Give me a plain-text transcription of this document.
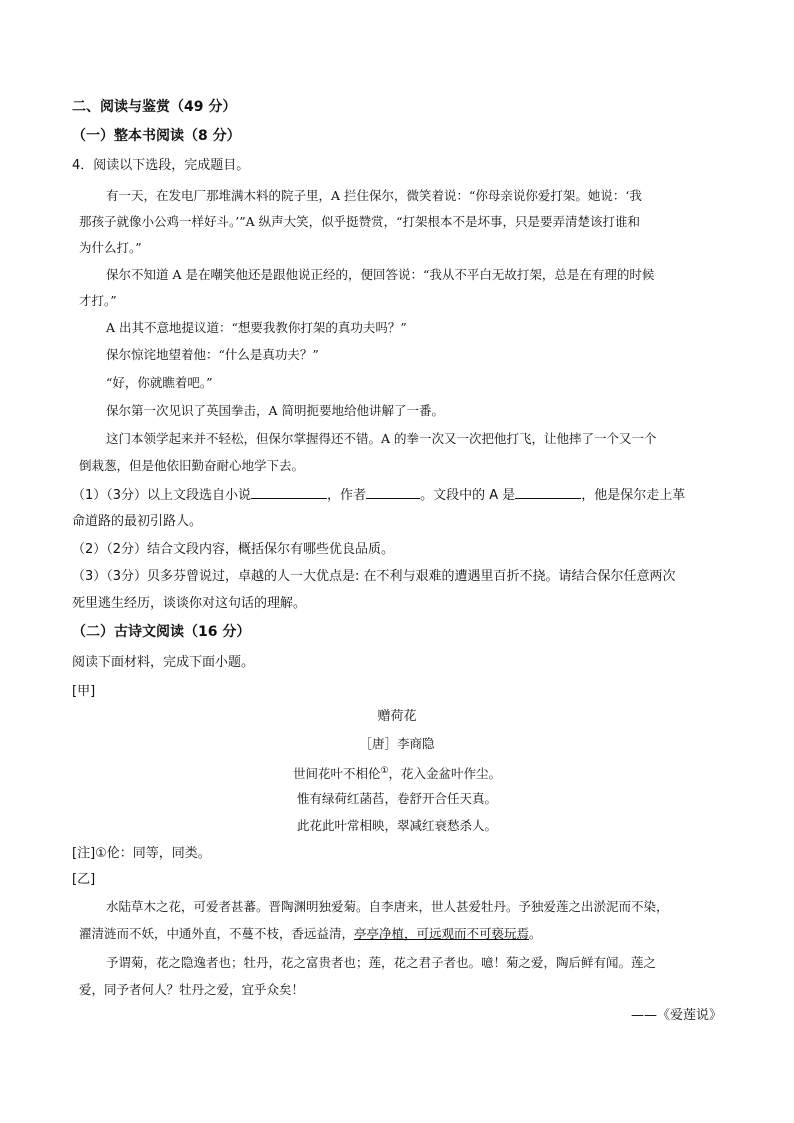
二、阅读与鉴赏（49 分）
（一）整本书阅读（8 分）
4．阅读以下选段，完成题目。
有一天，在发电厂那堆满木料的院子里，A 拦住保尔，微笑着说：“你母亲说你爱打架。她说：‘我
那孩子就像小公鸡一样好斗。’”A 纵声大笑，似乎挺赞赏，“打架根本不是坏事，只是要弄清楚该打谁和
为什么打。”
保尔不知道 A 是在嘲笑他还是跟他说正经的，便回答说：“我从不平白无故打架，总是在有理的时候
才打。”
A 出其不意地提议道：“想要我教你打架的真功夫吗？”
保尔惊诧地望着他：“什么是真功夫？”
“好，你就瞧着吧。”
保尔第一次见识了英国拳击，A 简明扼要地给他讲解了一番。
这门本领学起来并不轻松，但保尔掌握得还不错。A 的拳一次又一次把他打飞，让他摔了一个又一个
倒栽葱，但是他依旧勤奋耐心地学下去。
（1）（3分）以上文段选自小说	，作者	。文段中的 A 是	，他是保尔走上革
命道路的最初引路人。
（2）（2分）结合文段内容，概括保尔有哪些优良品质。
（3）（3分）贝多芬曾说过，卓越的人一大优点是: 在不利与艰难的遭遇里百折不挠。请结合保尔任意两次
死里逃生经历，谈谈你对这句话的理解。
（二）古诗文阅读（16 分）
阅读下面材料，完成下面小题。
[甲]
赠荷花
［唐］李商隐
世间花叶不相伦①，花入金盆叶作尘。
惟有绿荷红菡萏，卷舒开合任天真。
此花此叶常相映，翠减红衰愁杀人。
[注]①伦：同等，同类。
[乙]
水陆草木之花，可爱者甚蕃。晋陶渊明独爱菊。自李唐来，世人甚爱牡丹。予独爱莲之出淤泥而不染，
濯清涟而不妖，中通外直，不蔓不枝，香远益清，亭亭净植，可远观而不可亵玩焉。
予谓菊，花之隐逸者也；牡丹，花之富贵者也；莲，花之君子者也。噫！菊之爱，陶后鲜有闻。莲之
爱，同予者何人？牡丹之爱，宜乎众矣！
——《爱莲说》
